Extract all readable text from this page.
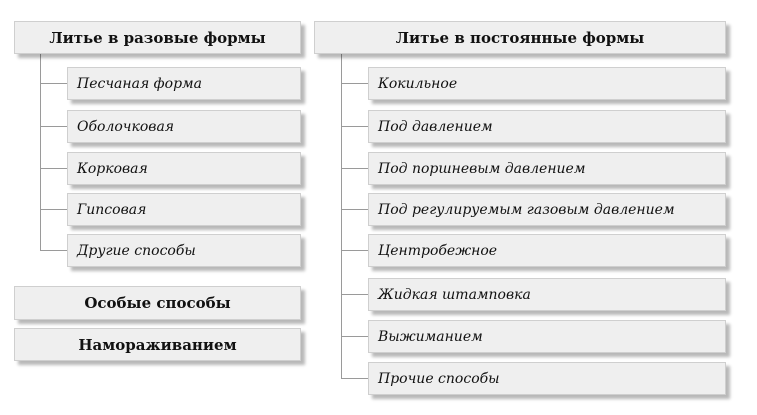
Литье в разовые формы
Песчаная форма
Оболочковая
Корковая
Гипсовая
Другие способы
Особые способы
Намораживанием
Литье в постоянные формы
Кокильное
Под давлением
Под поршневым давлением
Под регулируемым газовым давлением
Центробежное
Жидкая штамповка
Выжиманием
Прочие способы
